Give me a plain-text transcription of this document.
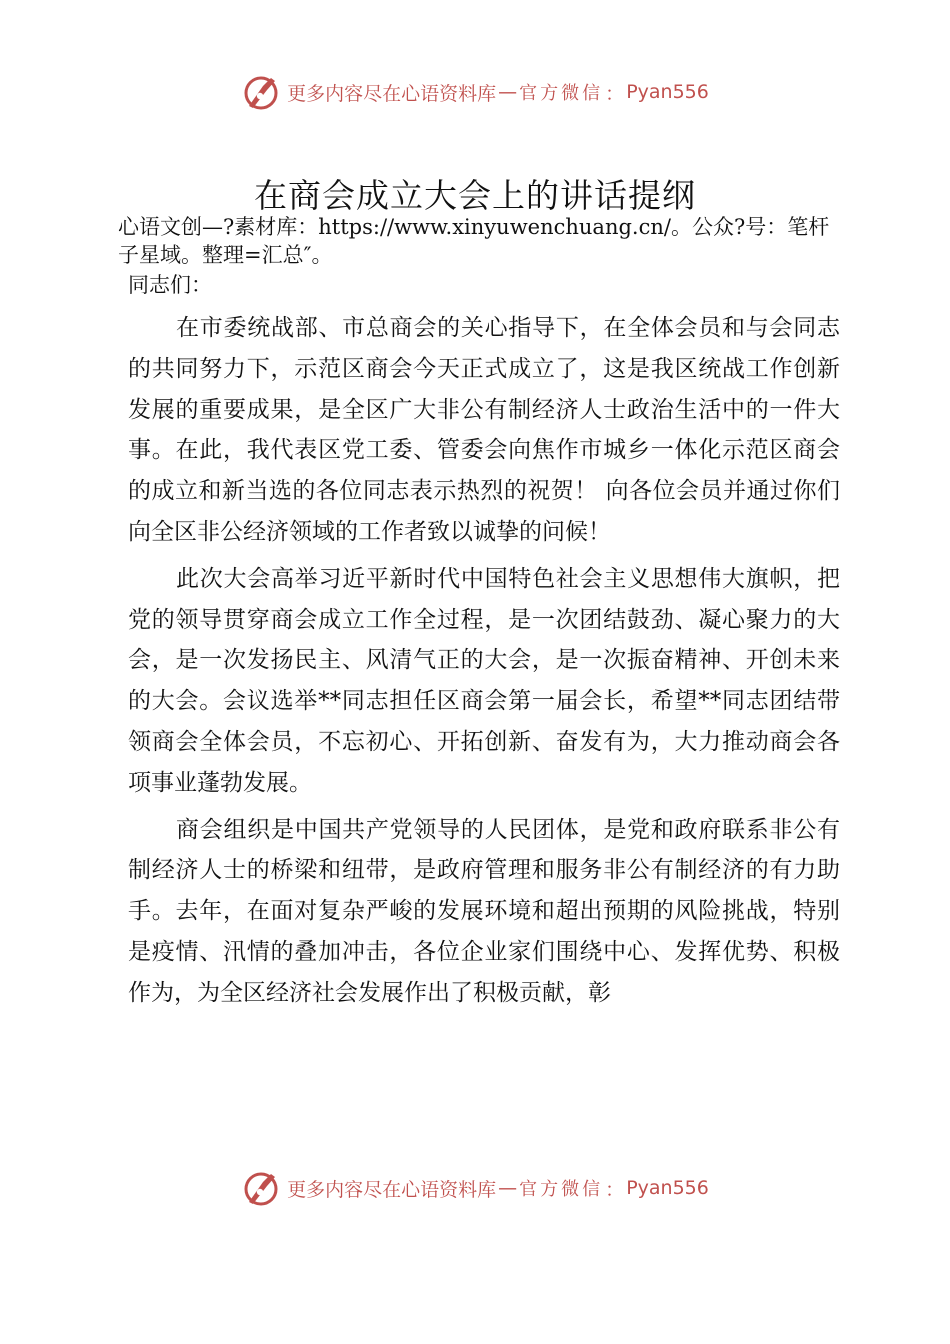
更多内容尽在心语资料库 — 官方微信 ： Pyan556
在商会成立大会上的讲话提纲
心语文创—?素材库：https://www.xinyuwenchuang.cn/。公众?号：笔杆子星域。整理=汇总″。
同志们：

在市委统战部、市总商会的关心指导下，在全体会员和与会同志的共同努力下，示范区商会今天正式成立了，这是我区统战工作创新发展的重要成果，是全区广大非公有制经济人士政治生活中的一件大事。在此，我代表区党工委、管委会向焦作市城乡一体化示范区商会的成立和新当选的各位同志表示热烈的祝贺！ 向各位会员并通过你们向全区非公经济领域的工作者致以诚挚的问候！

此次大会高举习近平新时代中国特色社会主义思想伟大旗帜，把党的领导贯穿商会成立工作全过程，是一次团结鼓劲、凝心聚力的大会，是一次发扬民主、风清气正的大会，是一次振奋精神、开创未来的大会。会议选举**同志担任区商会第一届会长，希望**同志团结带领商会全体会员，不忘初心、开拓创新、奋发有为，大力推动商会各项事业蓬勃发展。

商会组织是中国共产党领导的人民团体，是党和政府联系非公有制经济人士的桥梁和纽带，是政府管理和服务非公有制经济的有力助手。去年，在面对复杂严峻的发展环境和超出预期的风险挑战，特别是疫情、汛情的叠加冲击，各位企业家们围绕中心、发挥优势、积极作为，为全区经济社会发展作出了积极贡献，彰

更多内容尽在心语资料库 — 官方微信 ： Pyan556
